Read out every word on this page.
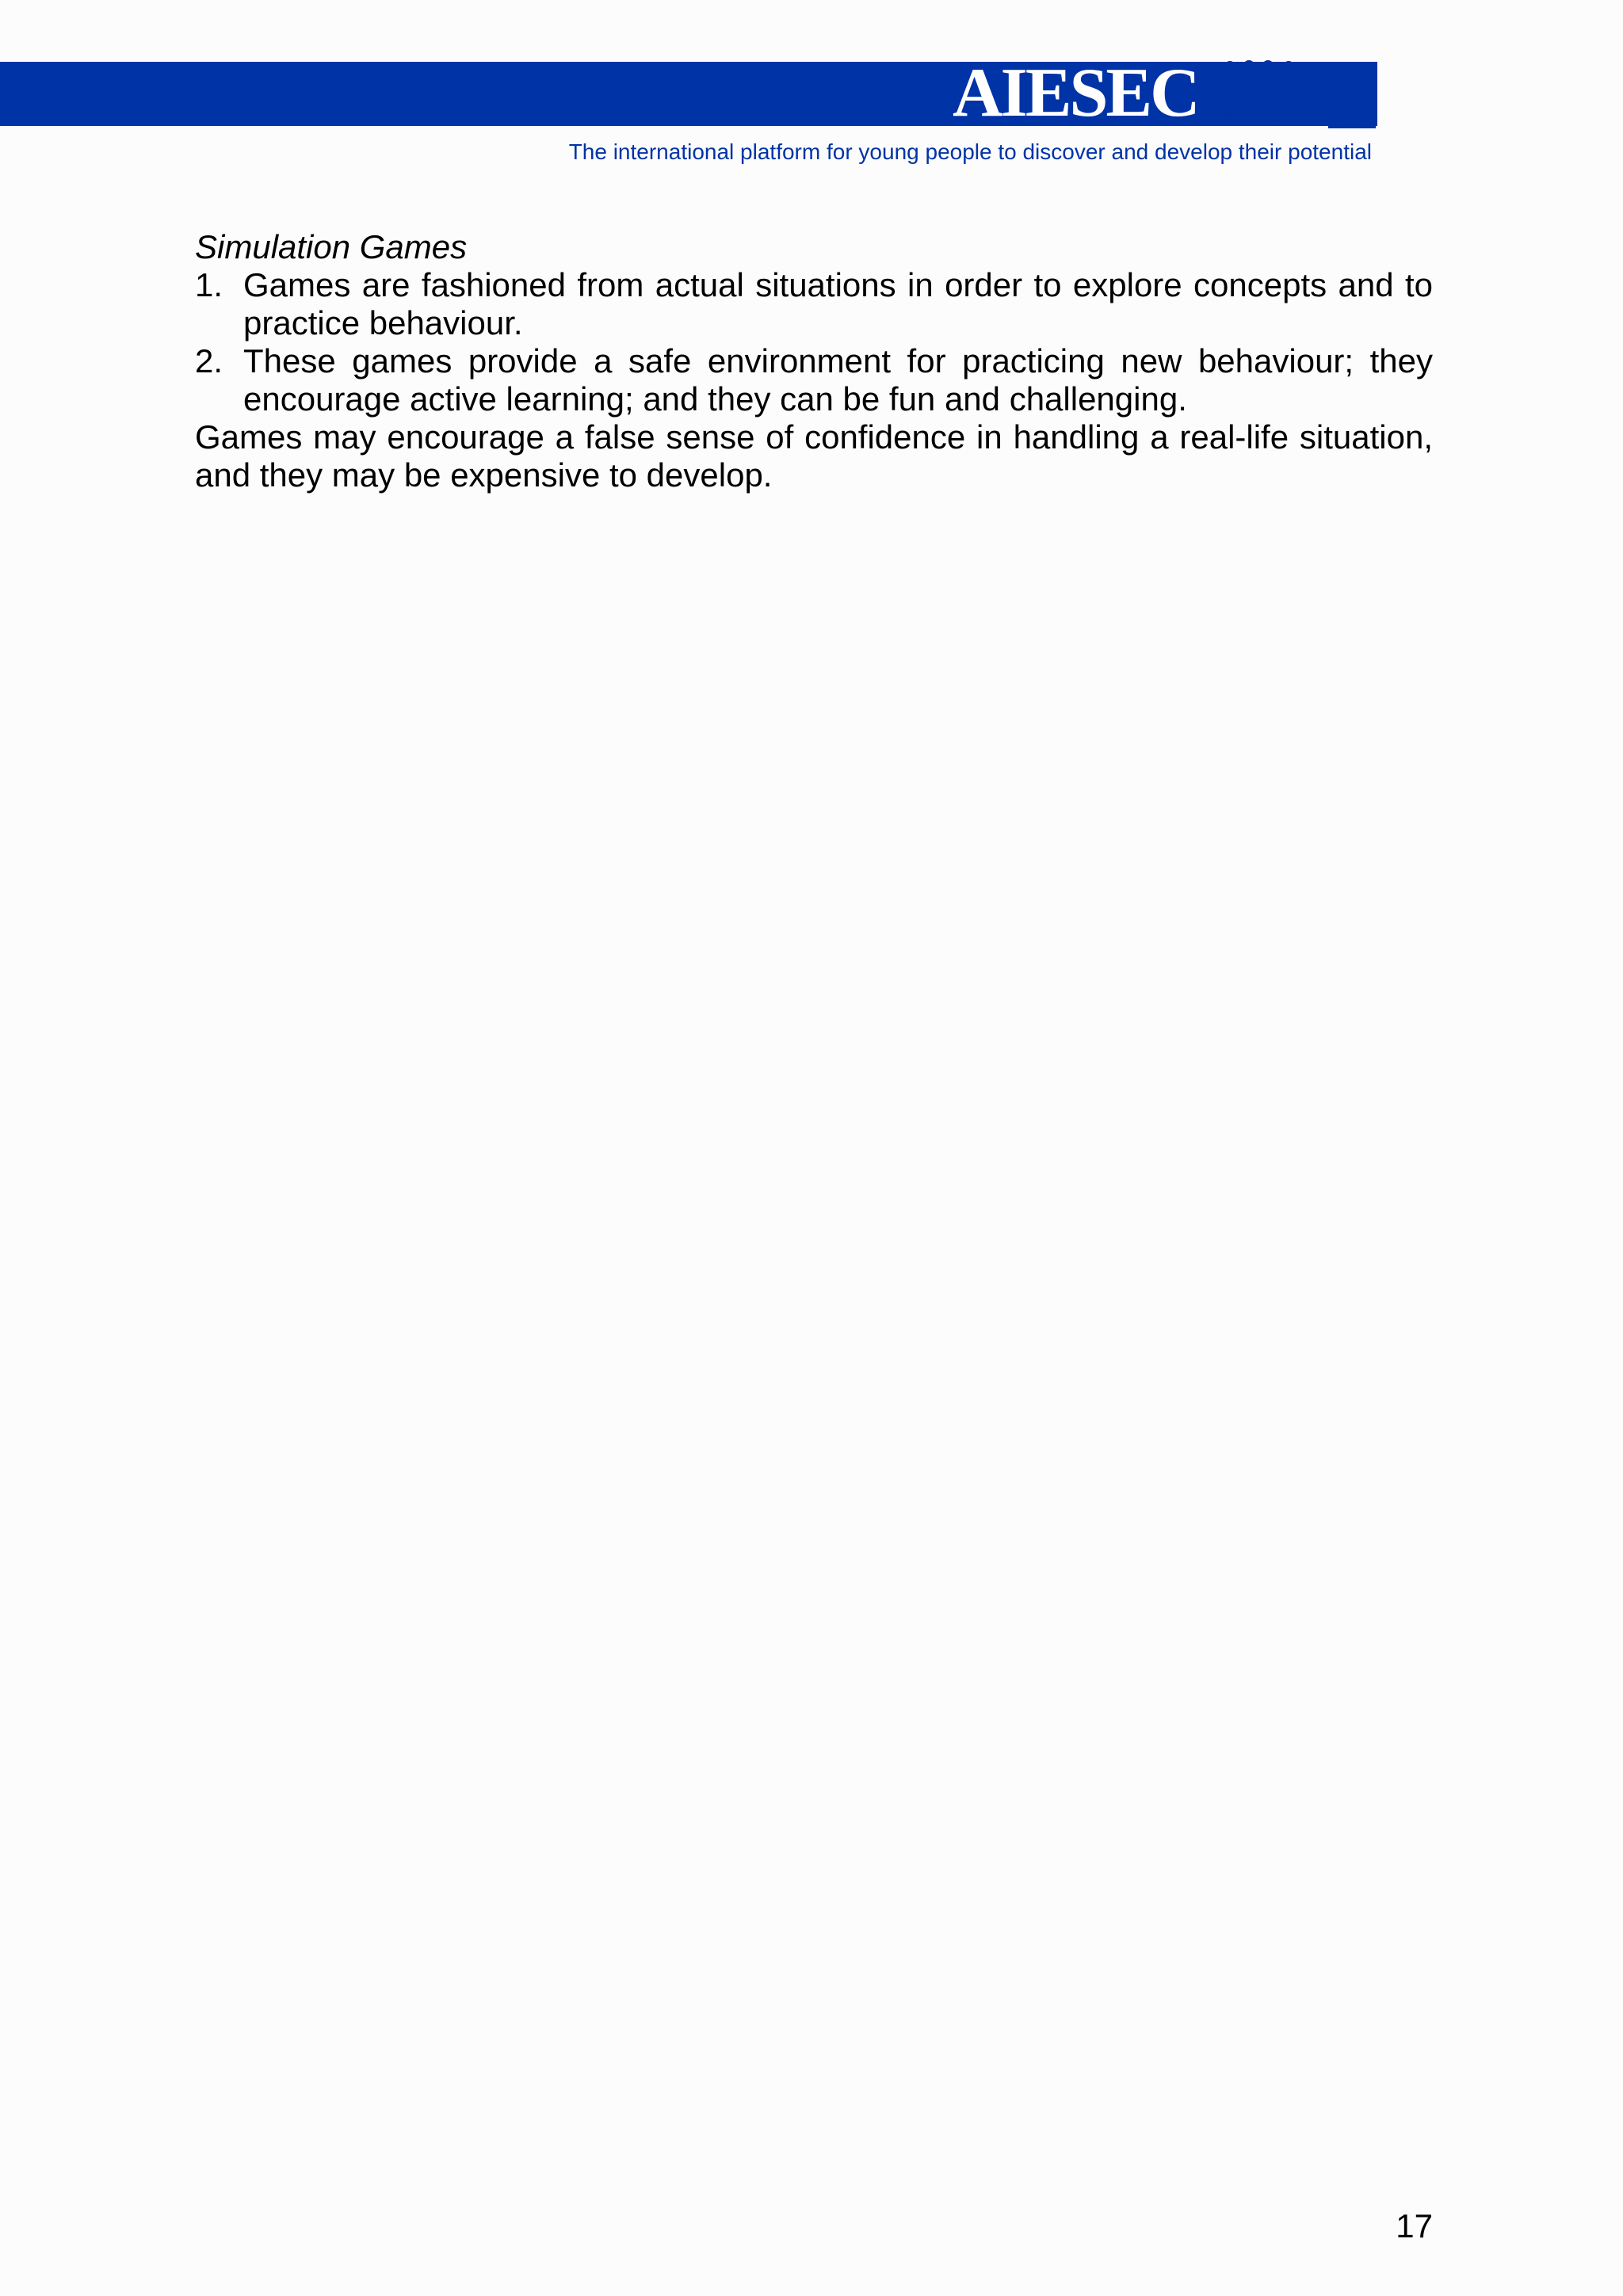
AIESEC
The international platform for young people to discover and develop their potential

Simulation Games

1. Games are fashioned from actual situations in order to explore concepts and to practice behaviour.
2. These games provide a safe environment for practicing new behaviour; they encourage active learning; and they can be fun and challenging.

Games may encourage a false sense of confidence in handling a real-life situation, and they may be expensive to develop.

17
